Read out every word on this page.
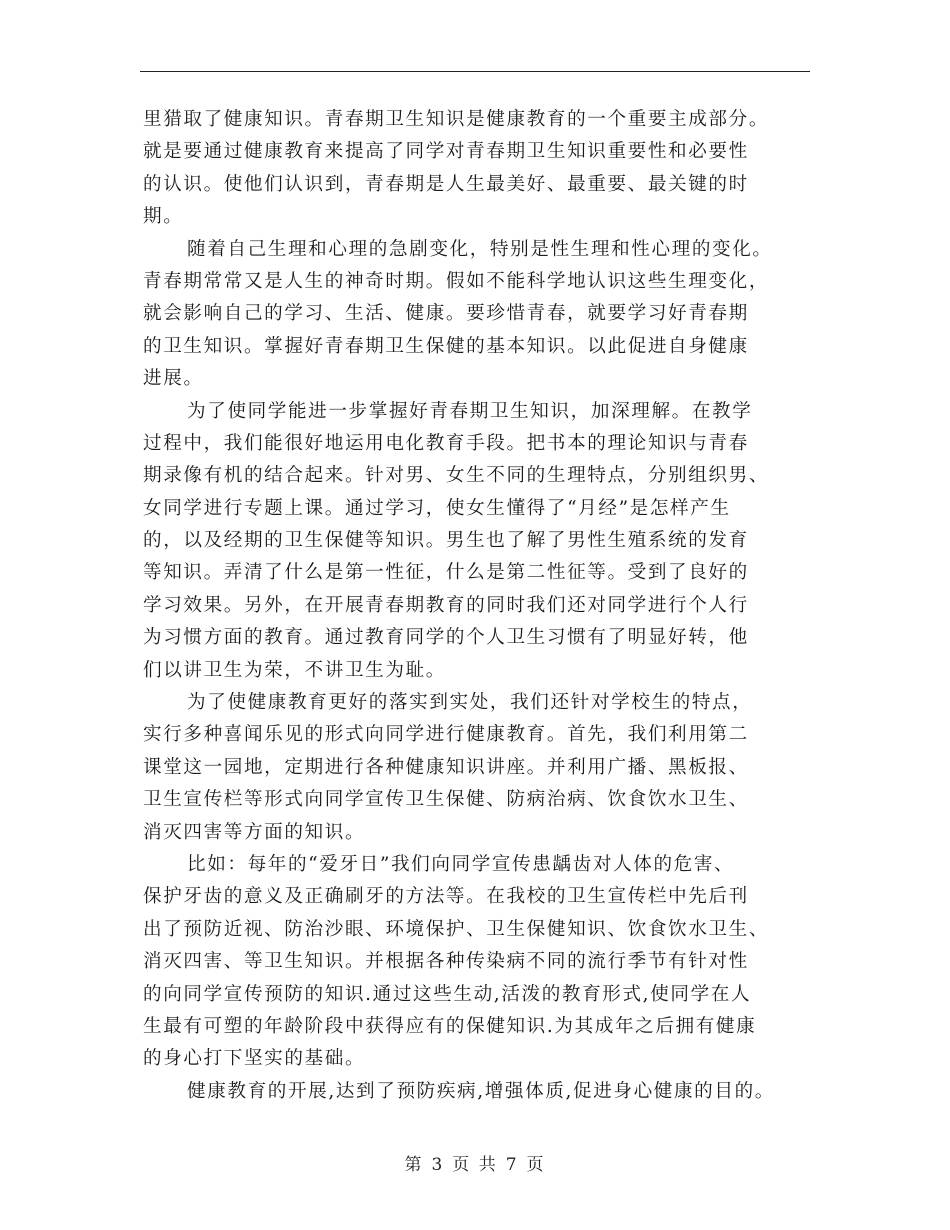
里猎取了健康知识。青春期卫生知识是健康教育的一个重要主成部分。
就是要通过健康教育来提高了同学对青春期卫生知识重要性和必要性
的认识。使他们认识到，青春期是人生最美好、最重要、最关键的时
期。
随着自己生理和心理的急剧变化，特别是性生理和性心理的变化。
青春期常常又是人生的神奇时期。假如不能科学地认识这些生理变化，
就会影响自己的学习、生活、健康。要珍惜青春，就要学习好青春期
的卫生知识。掌握好青春期卫生保健的基本知识。以此促进自身健康
进展。
为了使同学能进一步掌握好青春期卫生知识，加深理解。在教学
过程中，我们能很好地运用电化教育手段。把书本的理论知识与青春
期录像有机的结合起来。针对男、女生不同的生理特点，分别组织男、
女同学进行专题上课。通过学习，使女生懂得了“月经”是怎样产生
的，以及经期的卫生保健等知识。男生也了解了男性生殖系统的发育
等知识。弄清了什么是第一性征，什么是第二性征等。受到了良好的
学习效果。另外，在开展青春期教育的同时我们还对同学进行个人行
为习惯方面的教育。通过教育同学的个人卫生习惯有了明显好转，他
们以讲卫生为荣，不讲卫生为耻。
为了使健康教育更好的落实到实处，我们还针对学校生的特点，
实行多种喜闻乐见的形式向同学进行健康教育。首先，我们利用第二
课堂这一园地，定期进行各种健康知识讲座。并利用广播、黑板报、
卫生宣传栏等形式向同学宣传卫生保健、防病治病、饮食饮水卫生、
消灭四害等方面的知识。
比如：每年的“爱牙日”我们向同学宣传患龋齿对人体的危害、
保护牙齿的意义及正确刷牙的方法等。在我校的卫生宣传栏中先后刊
出了预防近视、防治沙眼、环境保护、卫生保健知识、饮食饮水卫生、
消灭四害、等卫生知识。并根据各种传染病不同的流行季节有针对性
的向同学宣传预防的知识.通过这些生动,活泼的教育形式,使同学在人
生最有可塑的年龄阶段中获得应有的保健知识.为其成年之后拥有健康
的身心打下坚实的基础。
健康教育的开展,达到了预防疾病,增强体质,促进身心健康的目的。
第 3 页 共 7 页
